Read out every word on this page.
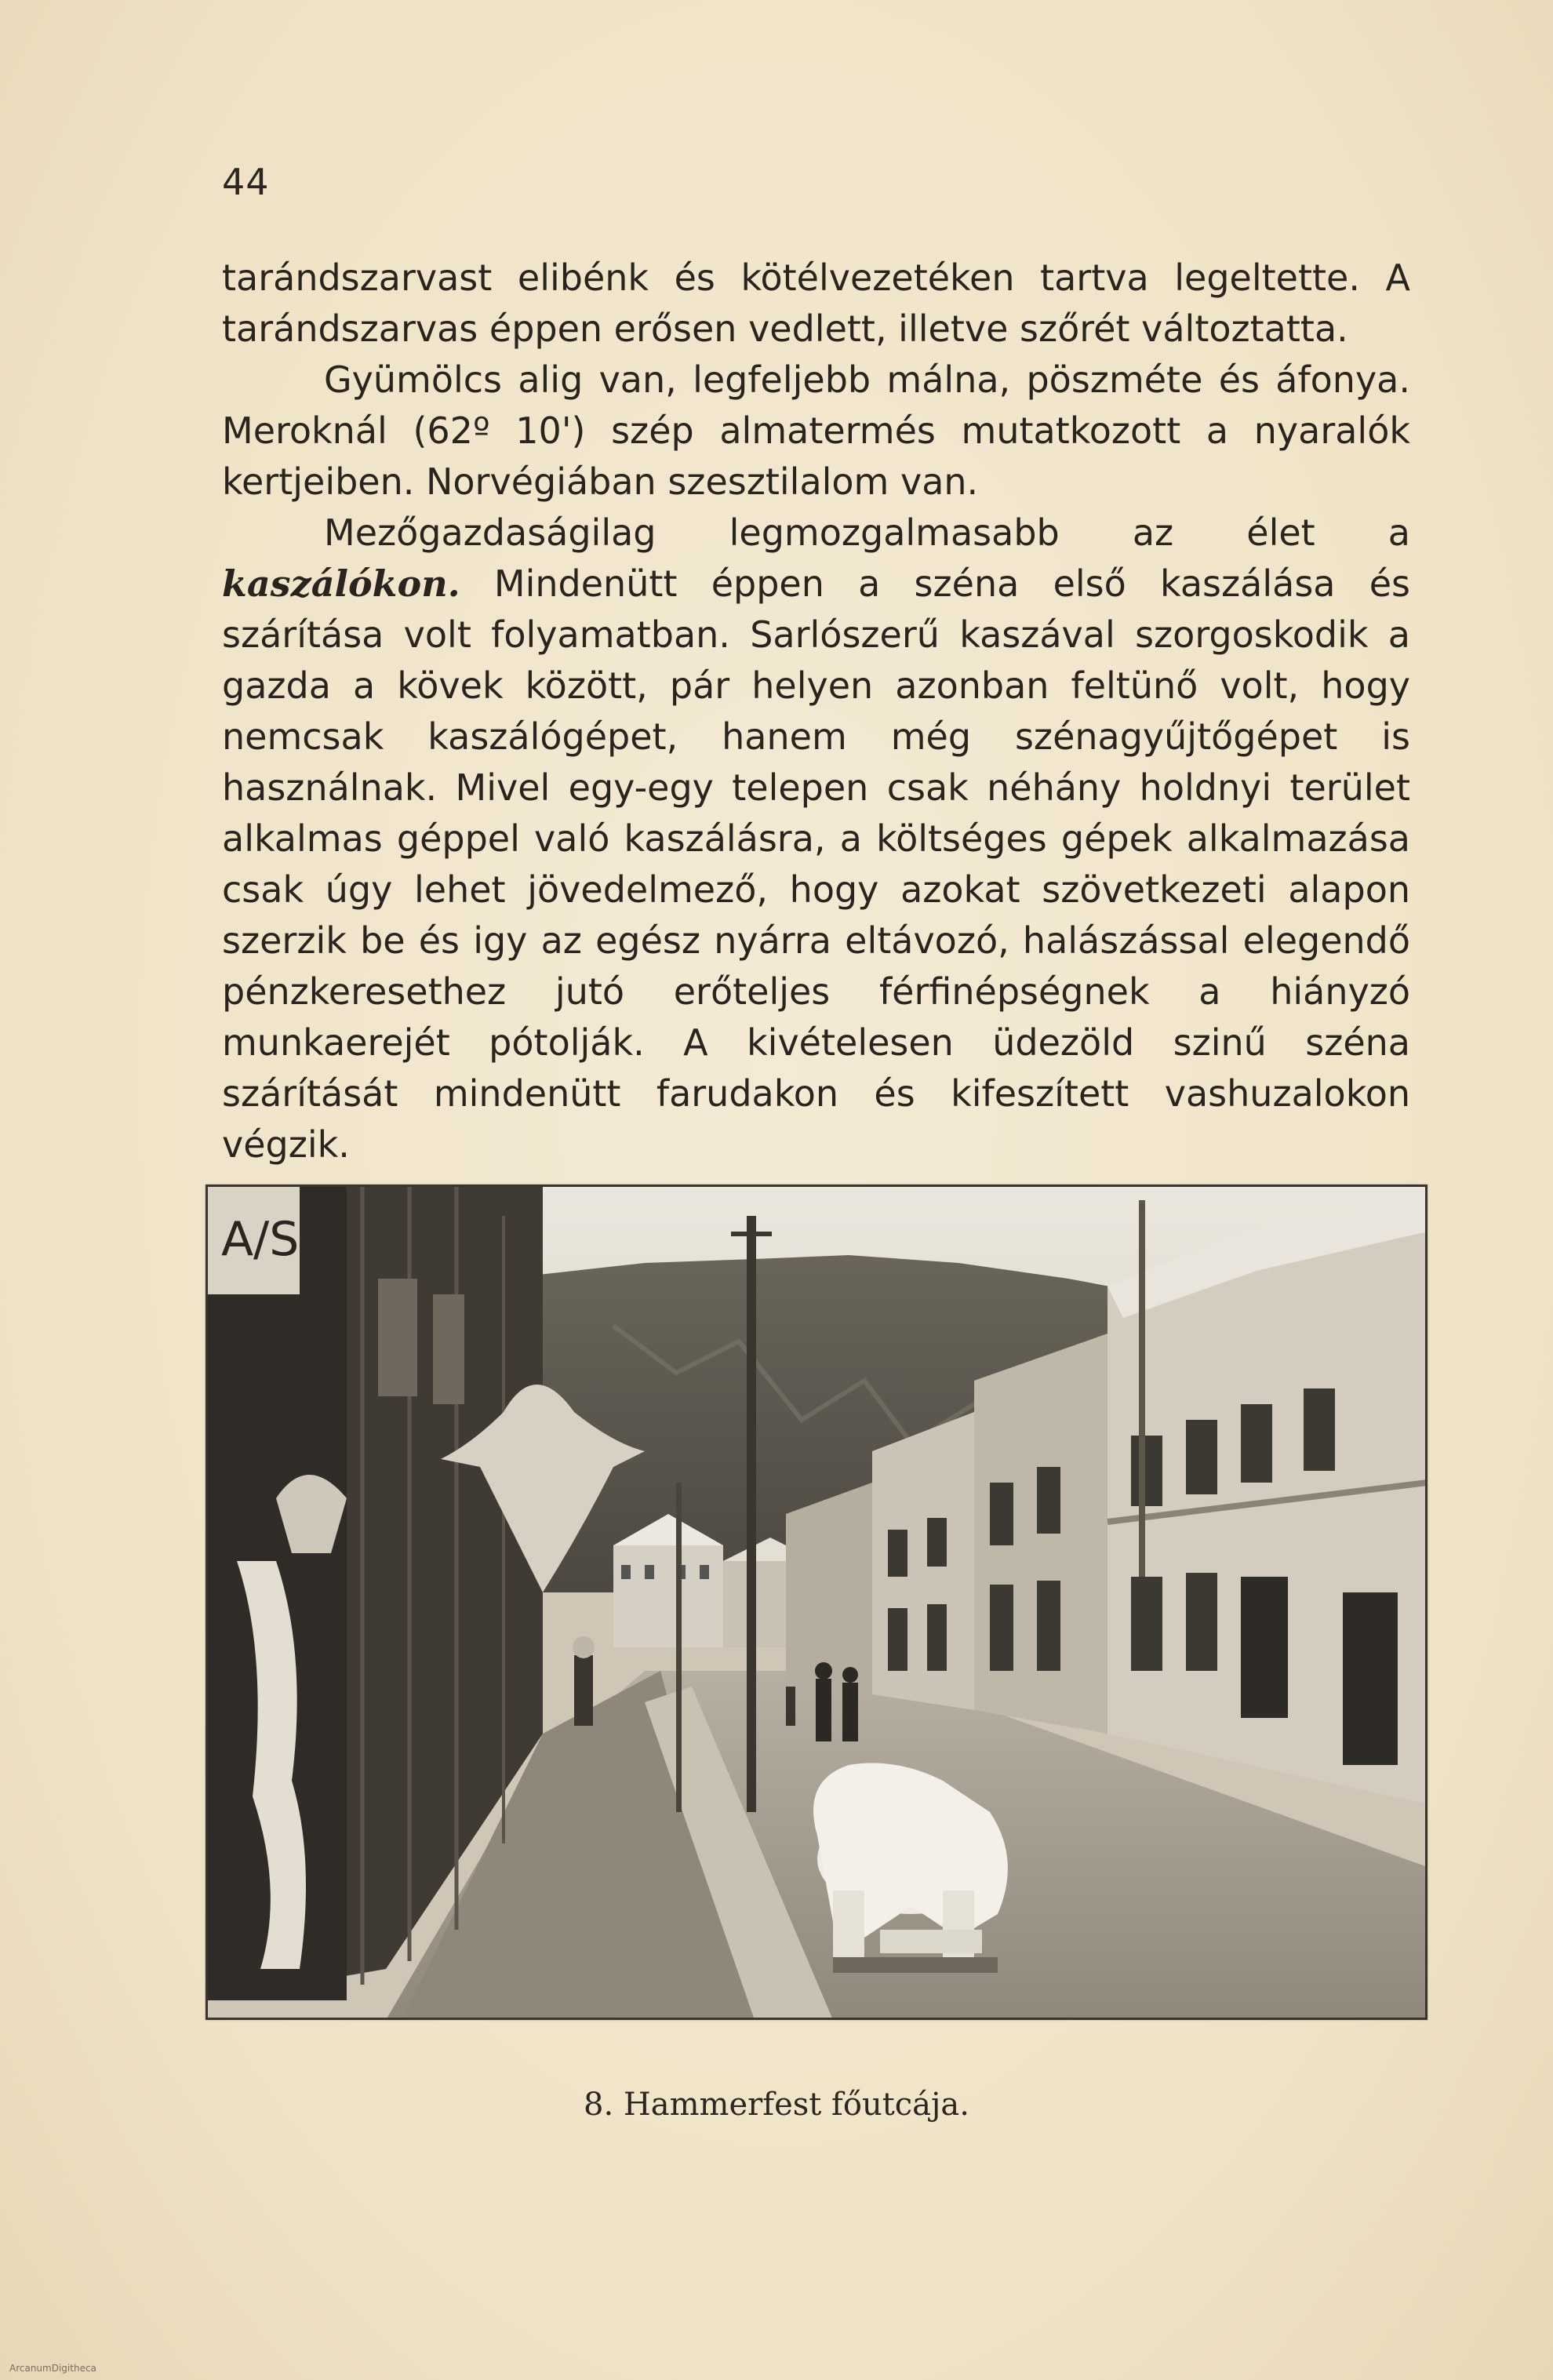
44

tarándszarvast elibénk és kötélvezetéken tartva legeltette. A tarándszarvas éppen erősen vedlett, illetve szőrét változtatta.

Gyümölcs alig van, legfeljebb málna, pöszméte és áfonya. Meroknál (62º 10') szép almatermés mutatkozott a nyaralók kertjeiben. Norvégiában szesztilalom van.

Mezőgazdaságilag legmozgalmasabb az élet a kaszálókon. Mindenütt éppen a széna első kaszálása és szárítása volt folyamatban. Sarlószerű kaszával szorgoskodik a gazda a kövek között, pár helyen azonban feltünő volt, hogy nemcsak kaszálógépet, hanem még szénagyűjtőgépet is használnak. Mivel egy-egy telepen csak néhány holdnyi terület alkalmas géppel való kaszálásra, a költséges gépek alkalmazása csak úgy lehet jövedelmező, hogy azokat szövetkezeti alapon szerzik be és igy az egész nyárra eltávozó, halászással elegendő pénzkeresethez jutó erőteljes férfinépségnek a hiányzó munkaerejét pótolják. A kivételesen üdezöld szinű széna szárítását mindenütt farudakon és kifeszített vashuzalokon végzik.

A/S
8. Hammerfest főutcája.
ArcanumDigitheca
